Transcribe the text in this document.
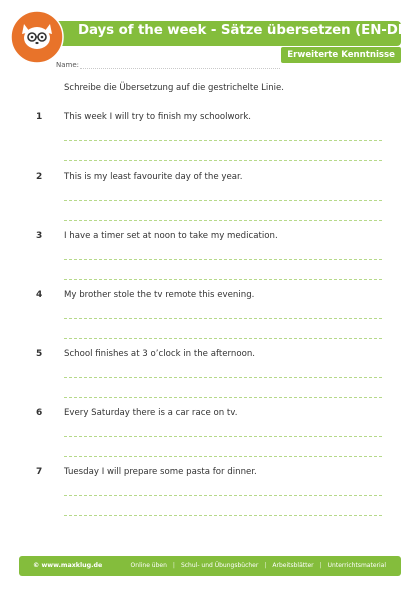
Days of the week - Sätze übersetzen (EN-DE)
Erweiterte Kenntnisse
Name:
Schreibe die Übersetzung auf die gestrichelte Linie.
1	This week I will try to finish my schoolwork.
2	This is my least favourite day of the year.
3	I have a timer set at noon to take my medication.
4	My brother stole the tv remote this evening.
5	School finishes at 3 o’clock in the afternoon.
6	Every Saturday there is a car race on tv.
7	Tuesday I will prepare some pasta for dinner.
© www.maxklug.de	Online üben | Schul- und Übungsbücher | Arbeitsblätter | Unterrichtsmaterial
